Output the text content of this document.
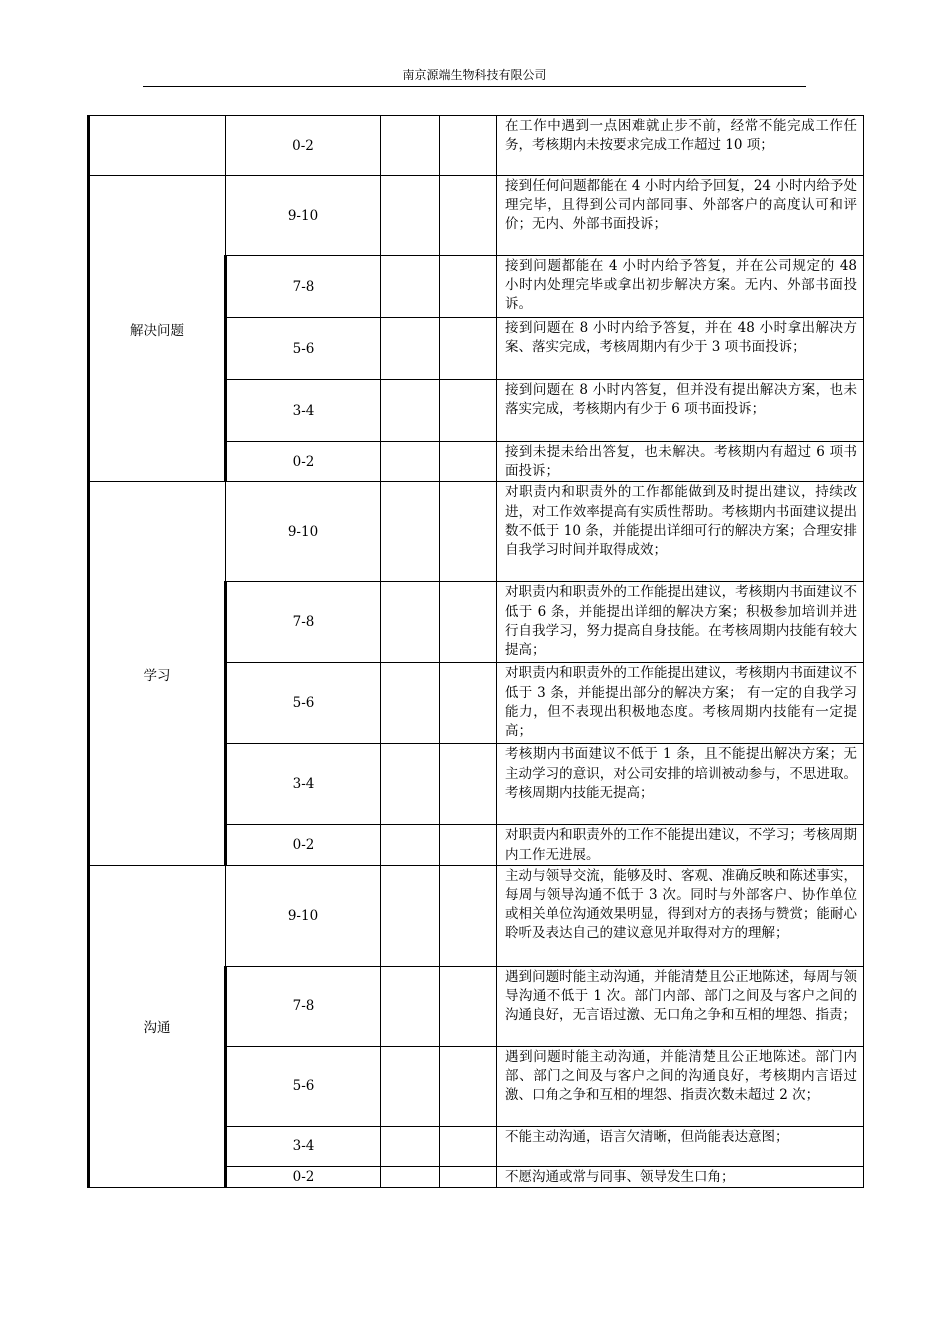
南京源端生物科技有限公司
	0-2			在工作中遇到一点困难就止步不前，经常不能完成工作任务，考核期内未按要求完成工作超过 10 项；
解决问题	9-10			接到任何问题都能在 4 小时内给予回复，24 小时内给予处理完毕，且得到公司内部同事、外部客户的高度认可和评价；无内、外部书面投诉；
	7-8			接到问题都能在 4 小时内给予答复，并在公司规定的 48 小时内处理完毕或拿出初步解决方案。无内、外部书面投诉。
	5-6			接到问题在 8 小时内给予答复，并在 48 小时拿出解决方案、落实完成，考核周期内有少于 3 项书面投诉；
	3-4			接到问题在 8 小时内答复，但并没有提出解决方案，也未落实完成，考核期内有少于 6 项书面投诉；
	0-2			接到未提未给出答复，也未解决。考核期内有超过 6 项书面投诉；
学习	9-10			对职责内和职责外的工作都能做到及时提出建议，持续改进，对工作效率提高有实质性帮助。考核期内书面建议提出数不低于 10 条，并能提出详细可行的解决方案；合理安排自我学习时间并取得成效；
	7-8			对职责内和职责外的工作能提出建议，考核期内书面建议不低于 6 条，并能提出详细的解决方案；积极参加培训并进行自我学习，努力提高自身技能。在考核周期内技能有较大提高；
	5-6			对职责内和职责外的工作能提出建议，考核期内书面建议不低于 3 条，并能提出部分的解决方案； 有一定的自我学习能力，但不表现出积极地态度。考核周期内技能有一定提高；
	3-4			考核期内书面建议不低于 1 条，且不能提出解决方案；无主动学习的意识，对公司安排的培训被动参与，不思进取。考核周期内技能无提高；
	0-2			对职责内和职责外的工作不能提出建议，不学习；考核周期内工作无进展。
沟通	9-10			主动与领导交流，能够及时、客观、准确反映和陈述事实，每周与领导沟通不低于 3 次。同时与外部客户、协作单位或相关单位沟通效果明显，得到对方的表扬与赞赏；能耐心聆听及表达自己的建议意见并取得对方的理解；
	7-8			遇到问题时能主动沟通，并能清楚且公正地陈述，每周与领导沟通不低于 1 次。部门内部、部门之间及与客户之间的沟通良好，无言语过激、无口角之争和互相的埋怨、指责；
	5-6			遇到问题时能主动沟通，并能清楚且公正地陈述。部门内部、部门之间及与客户之间的沟通良好，考核期内言语过激、口角之争和互相的埋怨、指责次数未超过 2 次；
	3-4			不能主动沟通，语言欠清晰，但尚能表达意图；
	0-2			不愿沟通或常与同事、领导发生口角；
